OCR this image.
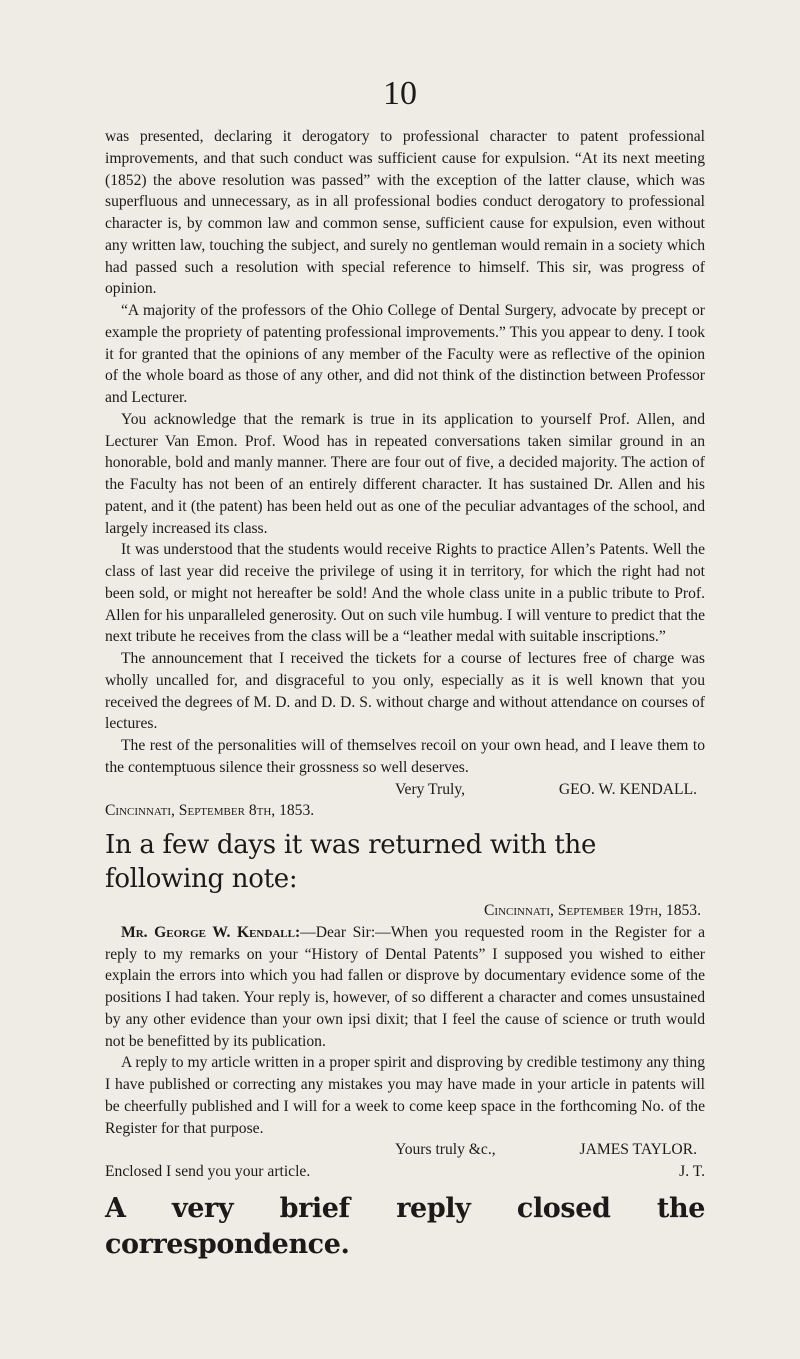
10

was presented, declaring it derogatory to professional character to patent professional improvements, and that such conduct was sufficient cause for expulsion. “At its next meeting (1852) the above resolution was passed” with the exception of the latter clause, which was superfluous and unnecessary, as in all professional bodies conduct derogatory to professional character is, by common law and common sense, sufficient cause for expulsion, even without any written law, touching the subject, and surely no gentleman would remain in a society which had passed such a resolution with special reference to himself. This sir, was progress of opinion.

“A majority of the professors of the Ohio College of Dental Surgery, advocate by precept or example the propriety of patenting professional improvements.” This you appear to deny. I took it for granted that the opinions of any member of the Faculty were as reflective of the opinion of the whole board as those of any other, and did not think of the distinction between Professor and Lecturer.

You acknowledge that the remark is true in its application to yourself Prof. Allen, and Lecturer Van Emon. Prof. Wood has in repeated conversations taken similar ground in an honorable, bold and manly manner. There are four out of five, a decided majority. The action of the Faculty has not been of an entirely different character. It has sustained Dr. Allen and his patent, and it (the patent) has been held out as one of the peculiar advantages of the school, and largely increased its class.

It was understood that the students would receive Rights to practice Allen’s Patents. Well the class of last year did receive the privilege of using it in territory, for which the right had not been sold, or might not hereafter be sold! And the whole class unite in a public tribute to Prof. Allen for his unparalleled generosity. Out on such vile humbug. I will venture to predict that the next tribute he receives from the class will be a “leather medal with suitable inscriptions.”

The announcement that I received the tickets for a course of lectures free of charge was wholly uncalled for, and disgraceful to you only, especially as it is well known that you received the degrees of M. D. and D. D. S. without charge and without attendance on courses of lectures.

The rest of the personalities will of themselves recoil on your own head, and I leave them to the contemptuous silence their grossness so well deserves.

Very Truly,	GEO. W. KENDALL.

Cincinnati, September 8th, 1853.

In a few days it was returned with the following note:

Cincinnati, September 19th, 1853.

Mr. George W. Kendall:—Dear Sir:—When you requested room in the Register for a reply to my remarks on your “History of Dental Patents” I supposed you wished to either explain the errors into which you had fallen or disprove by documentary evidence some of the positions I had taken. Your reply is, however, of so different a character and comes unsustained by any other evidence than your own ipsi dixit; that I feel the cause of science or truth would not be benefitted by its publication.

A reply to my article written in a proper spirit and disproving by credible testimony any thing I have published or correcting any mistakes you may have made in your article in patents will be cheerfully published and I will for a week to come keep space in the forthcoming No. of the Register for that purpose.

Yours truly &c.,	JAMES TAYLOR.
Enclosed I send you your article.	J. T.
A very brief reply closed the correspondence.
